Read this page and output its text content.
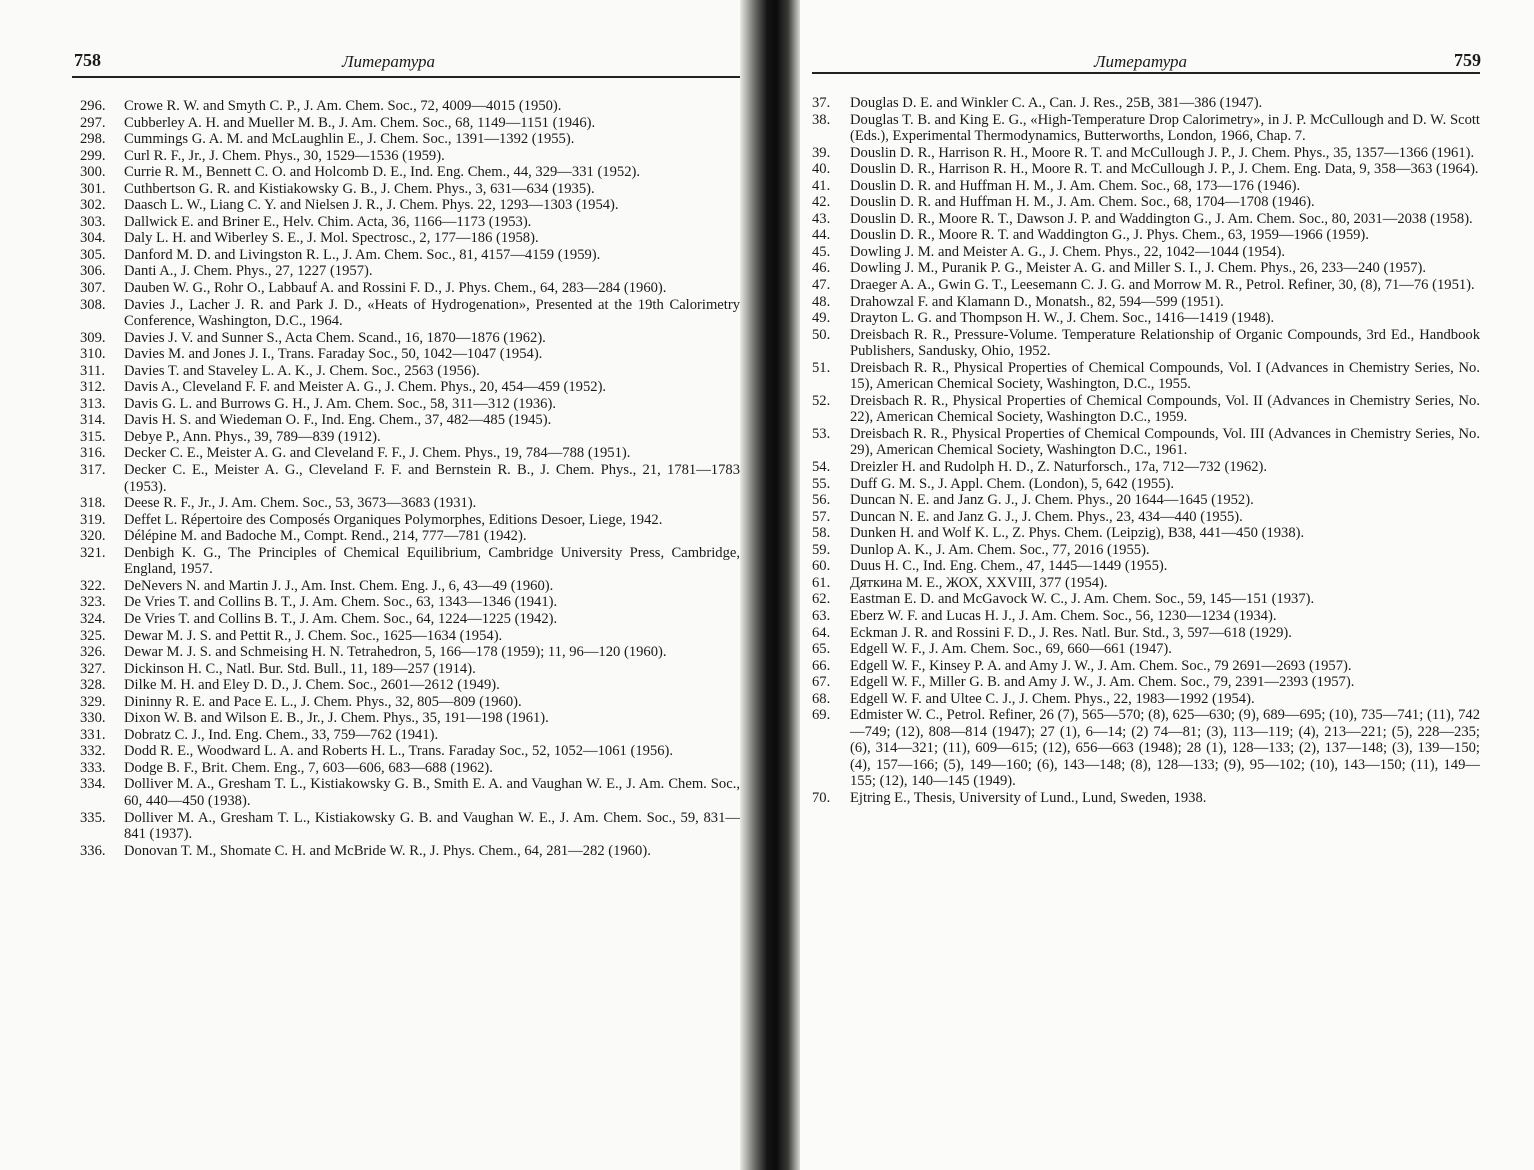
758	Литература
296. Crowe R. W. and Smyth C. P., J. Am. Chem. Soc., 72, 4009—4015 (1950).
297. Cubberley A. H. and Mueller M. B., J. Am. Chem. Soc., 68, 1149—1151 (1946).
298. Cummings G. A. M. and McLaughlin E., J. Chem. Soc., 1391—1392 (1955).
299. Curl R. F., Jr., J. Chem. Phys., 30, 1529—1536 (1959).
300. Currie R. M., Bennett C. O. and Holcomb D. E., Ind. Eng. Chem., 44, 329—331 (1952).
301. Cuthbertson G. R. and Kistiakowsky G. B., J. Chem. Phys., 3, 631—634 (1935).
302. Daasch L. W., Liang C. Y. and Nielsen J. R., J. Chem. Phys. 22, 1293—1303 (1954).
303. Dallwick E. and Briner E., Helv. Chim. Acta, 36, 1166—1173 (1953).
304. Daly L. H. and Wiberley S. E., J. Mol. Spectrosc., 2, 177—186 (1958).
305. Danford M. D. and Livingston R. L., J. Am. Chem. Soc., 81, 4157—4159 (1959).
306. Danti A., J. Chem. Phys., 27, 1227 (1957).
307. Dauben W. G., Rohr O., Labbauf A. and Rossini F. D., J. Phys. Chem., 64, 283—284 (1960).
308. Davies J., Lacher J. R. and Park J. D., «Heats of Hydrogenation», Presented at the 19th Calorimetry Conference, Washington, D.C., 1964.
309. Davies J. V. and Sunner S., Acta Chem. Scand., 16, 1870—1876 (1962).
310. Davies M. and Jones J. I., Trans. Faraday Soc., 50, 1042—1047 (1954).
311. Davies T. and Staveley L. A. K., J. Chem. Soc., 2563 (1956).
312. Davis A., Cleveland F. F. and Meister A. G., J. Chem. Phys., 20, 454—459 (1952).
313. Davis G. L. and Burrows G. H., J. Am. Chem. Soc., 58, 311—312 (1936).
314. Davis H. S. and Wiedeman O. F., Ind. Eng. Chem., 37, 482—485 (1945).
315. Debye P., Ann. Phys., 39, 789—839 (1912).
316. Decker C. E., Meister A. G. and Cleveland F. F., J. Chem. Phys., 19, 784—788 (1951).
317. Decker C. E., Meister A. G., Cleveland F. F. and Bernstein R. B., J. Chem. Phys., 21, 1781—1783 (1953).
318. Deese R. F., Jr., J. Am. Chem. Soc., 53, 3673—3683 (1931).
319. Deffet L. Répertoire des Composés Organiques Polymorphes, Editions Desoer, Liege, 1942.
320. Délépine M. and Badoche M., Compt. Rend., 214, 777—781 (1942).
321. Denbigh K. G., The Principles of Chemical Equilibrium, Cambridge University Press, Cambridge, England, 1957.
322. DeNevers N. and Martin J. J., Am. Inst. Chem. Eng. J., 6, 43—49 (1960).
323. De Vries T. and Collins B. T., J. Am. Chem. Soc., 63, 1343—1346 (1941).
324. De Vries T. and Collins B. T., J. Am. Chem. Soc., 64, 1224—1225 (1942).
325. Dewar M. J. S. and Pettit R., J. Chem. Soc., 1625—1634 (1954).
326. Dewar M. J. S. and Schmeising H. N. Tetrahedron, 5, 166—178 (1959); 11, 96—120 (1960).
327. Dickinson H. C., Natl. Bur. Std. Bull., 11, 189—257 (1914).
328. Dilke M. H. and Eley D. D., J. Chem. Soc., 2601—2612 (1949).
329. Dininny R. E. and Pace E. L., J. Chem. Phys., 32, 805—809 (1960).
330. Dixon W. B. and Wilson E. B., Jr., J. Chem. Phys., 35, 191—198 (1961).
331. Dobratz C. J., Ind. Eng. Chem., 33, 759—762 (1941).
332. Dodd R. E., Woodward L. A. and Roberts H. L., Trans. Faraday Soc., 52, 1052—1061 (1956).
333. Dodge B. F., Brit. Chem. Eng., 7, 603—606, 683—688 (1962).
334. Dolliver M. A., Gresham T. L., Kistiakowsky G. B., Smith E. A. and Vaughan W. E., J. Am. Chem. Soc., 60, 440—450 (1938).
335. Dolliver M. A., Gresham T. L., Kistiakowsky G. B. and Vaughan W. E., J. Am. Chem. Soc., 59, 831—841 (1937).
336. Donovan T. M., Shomate C. H. and McBride W. R., J. Phys. Chem., 64, 281—282 (1960).
759
Литература
37. Douglas D. E. and Winkler C. A., Can. J. Res., 25B, 381—386 (1947).
38. Douglas T. B. and King E. G., «High-Temperature Drop Calorimetry», in J. P. McCullough and D. W. Scott (Eds.), Experimental Thermodynamics, Butterworths, London, 1966, Chap. 7.
39. Douslin D. R., Harrison R. H., Moore R. T. and McCullough J. P., J. Chem. Phys., 35, 1357—1366 (1961).
40. Douslin D. R., Harrison R. H., Moore R. T. and McCullough J. P., J. Chem. Eng. Data, 9, 358—363 (1964).
41. Douslin D. R. and Huffman H. M., J. Am. Chem. Soc., 68, 173—176 (1946).
42. Douslin D. R. and Huffman H. M., J. Am. Chem. Soc., 68, 1704—1708 (1946).
43. Douslin D. R., Moore R. T., Dawson J. P. and Waddington G., J. Am. Chem. Soc., 80, 2031—2038 (1958).
44. Douslin D. R., Moore R. T. and Waddington G., J. Phys. Chem., 63, 1959—1966 (1959).
45. Dowling J. M. and Meister A. G., J. Chem. Phys., 22, 1042—1044 (1954).
46. Dowling J. M., Puranik P. G., Meister A. G. and Miller S. I., J. Chem. Phys., 26, 233—240 (1957).
47. Draeger A. A., Gwin G. T., Leesemann C. J. G. and Morrow M. R., Petrol. Refiner, 30, (8), 71—76 (1951).
48. Drahowzal F. and Klamann D., Monatsh., 82, 594—599 (1951).
49. Drayton L. G. and Thompson H. W., J. Chem. Soc., 1416—1419 (1948).
50. Dreisbach R. R., Pressure-Volume. Temperature Relationship of Organic Compounds, 3rd Ed., Handbook Publishers, Sandusky, Ohio, 1952.
51. Dreisbach R. R., Physical Properties of Chemical Compounds, Vol. I (Advances in Chemistry Series, No. 15), American Chemical Society, Washington, D.C., 1955.
52. Dreisbach R. R., Physical Properties of Chemical Compounds, Vol. II (Advances in Chemistry Series, No. 22), American Chemical Society, Washington D.C., 1959.
53. Dreisbach R. R., Physical Properties of Chemical Compounds, Vol. III (Advances in Chemistry Series, No. 29), American Chemical Society, Washington D.C., 1961.
54. Dreizler H. and Rudolph H. D., Z. Naturforsch., 17a, 712—732 (1962).
55. Duff G. M. S., J. Appl. Chem. (London), 5, 642 (1955).
56. Duncan N. E. and Janz G. J., J. Chem. Phys., 20 1644—1645 (1952).
57. Duncan N. E. and Janz G. J., J. Chem. Phys., 23, 434—440 (1955).
58. Dunken H. and Wolf K. L., Z. Phys. Chem. (Leipzig), B38, 441—450 (1938).
59. Dunlop A. K., J. Am. Chem. Soc., 77, 2016 (1955).
60. Duus H. C., Ind. Eng. Chem., 47, 1445—1449 (1955).
61. Дяткина М. Е., ЖОХ, XXVIII, 377 (1954).
62. Eastman E. D. and McGavock W. C., J. Am. Chem. Soc., 59, 145—151 (1937).
63. Eberz W. F. and Lucas H. J., J. Am. Chem. Soc., 56, 1230—1234 (1934).
64. Eckman J. R. and Rossini F. D., J. Res. Natl. Bur. Std., 3, 597—618 (1929).
65. Edgell W. F., J. Am. Chem. Soc., 69, 660—661 (1947).
66. Edgell W. F., Kinsey P. A. and Amy J. W., J. Am. Chem. Soc., 79 2691—2693 (1957).
67. Edgell W. F., Miller G. B. and Amy J. W., J. Am. Chem. Soc., 79, 2391—2393 (1957).
68. Edgell W. F. and Ultee C. J., J. Chem. Phys., 22, 1983—1992 (1954).
69. Edmister W. C., Petrol. Refiner, 26 (7), 565—570; (8), 625—630; (9), 689—695; (10), 735—741; (11), 742—749; (12), 808—814 (1947); 27 (1), 6—14; (2) 74—81; (3), 113—119; (4), 213—221; (5), 228—235; (6), 314—321; (11), 609—615; (12), 656—663 (1948); 28 (1), 128—133; (2), 137—148; (3), 139—150; (4), 157—166; (5), 149—160; (6), 143—148; (8), 128—133; (9), 95—102; (10), 143—150; (11), 149—155; (12), 140—145 (1949).
70. Ejtring E., Thesis, University of Lund., Lund, Sweden, 1938.
